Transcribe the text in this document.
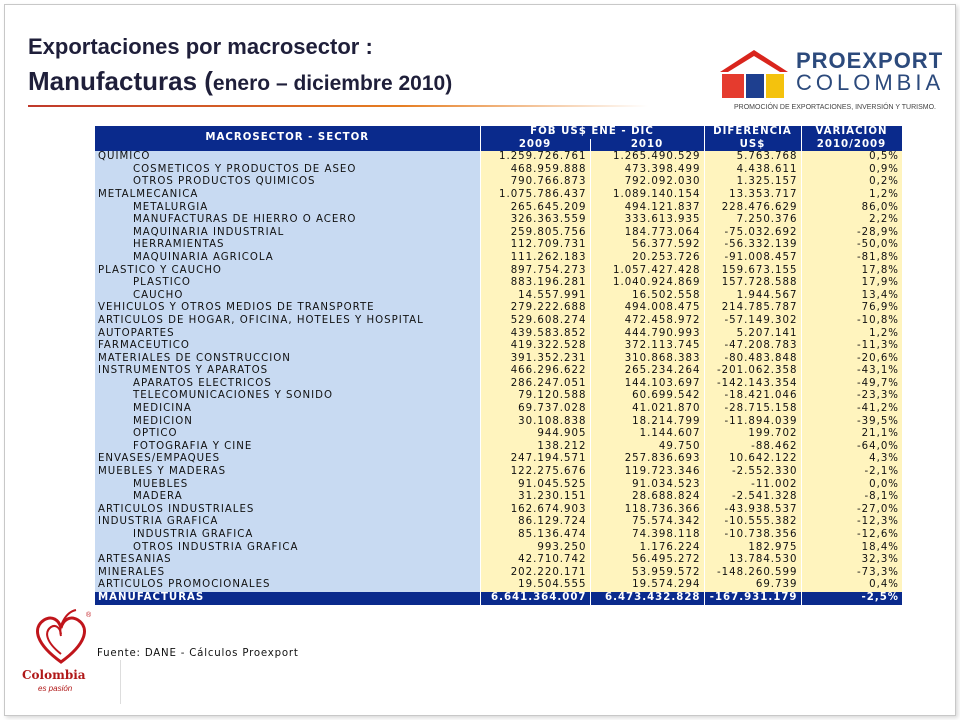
Exportaciones por macrosector :
Manufacturas (enero – diciembre 2010)
PROEXPORT
COLOMBIA
PROMOCIÓN DE EXPORTACIONES, INVERSIÓN Y TURISMO.
MACROSECTOR - SECTOR	FOB US$ ENE - DIC		DIFERENCIA	VARIACIÓN
	2009	2010	US$	2010/2009
QUIMICO	1.259.726.761	1.265.490.529	5.763.768	0,5%
COSMETICOS Y PRODUCTOS DE ASEO	468.959.888	473.398.499	4.438.611	0,9%
OTROS PRODUCTOS QUIMICOS	790.766.873	792.092.030	1.325.157	0,2%
METALMECANICA	1.075.786.437	1.089.140.154	13.353.717	1,2%
METALURGIA	265.645.209	494.121.837	228.476.629	86,0%
MANUFACTURAS DE HIERRO O ACERO	326.363.559	333.613.935	7.250.376	2,2%
MAQUINARIA INDUSTRIAL	259.805.756	184.773.064	-75.032.692	-28,9%
HERRAMIENTAS	112.709.731	56.377.592	-56.332.139	-50,0%
MAQUINARIA AGRICOLA	111.262.183	20.253.726	-91.008.457	-81,8%
PLASTICO Y CAUCHO	897.754.273	1.057.427.428	159.673.155	17,8%
PLASTICO	883.196.281	1.040.924.869	157.728.588	17,9%
CAUCHO	14.557.991	16.502.558	1.944.567	13,4%
VEHICULOS Y OTROS MEDIOS DE TRANSPORTE	279.222.688	494.008.475	214.785.787	76,9%
ARTICULOS DE HOGAR, OFICINA, HOTELES Y HOSPITAL	529.608.274	472.458.972	-57.149.302	-10,8%
AUTOPARTES	439.583.852	444.790.993	5.207.141	1,2%
FARMACEUTICO	419.322.528	372.113.745	-47.208.783	-11,3%
MATERIALES DE CONSTRUCCION	391.352.231	310.868.383	-80.483.848	-20,6%
INSTRUMENTOS Y APARATOS	466.296.622	265.234.264	-201.062.358	-43,1%
APARATOS ELECTRICOS	286.247.051	144.103.697	-142.143.354	-49,7%
TELECOMUNICACIONES Y SONIDO	79.120.588	60.699.542	-18.421.046	-23,3%
MEDICINA	69.737.028	41.021.870	-28.715.158	-41,2%
MEDICION	30.108.838	18.214.799	-11.894.039	-39,5%
OPTICO	944.905	1.144.607	199.702	21,1%
FOTOGRAFIA Y CINE	138.212	49.750	-88.462	-64,0%
ENVASES/EMPAQUES	247.194.571	257.836.693	10.642.122	4,3%
MUEBLES Y MADERAS	122.275.676	119.723.346	-2.552.330	-2,1%
MUEBLES	91.045.525	91.034.523	-11.002	0,0%
MADERA	31.230.151	28.688.824	-2.541.328	-8,1%
ARTICULOS INDUSTRIALES	162.674.903	118.736.366	-43.938.537	-27,0%
INDUSTRIA GRAFICA	86.129.724	75.574.342	-10.555.382	-12,3%
INDUSTRIA GRAFICA	85.136.474	74.398.118	-10.738.356	-12,6%
OTROS INDUSTRIA GRAFICA	993.250	1.176.224	182.975	18,4%
ARTESANIAS	42.710.742	56.495.272	13.784.530	32,3%
MINERALES	202.220.171	53.959.572	-148.260.599	-73,3%
ARTICULOS PROMOCIONALES	19.504.555	19.574.294	69.739	0,4%
MANUFACTURAS	6.641.364.007	6.473.432.828	-167.931.179	-2,5%
Fuente: DANE - Cálculos Proexport
®
Colombia
es pasión
